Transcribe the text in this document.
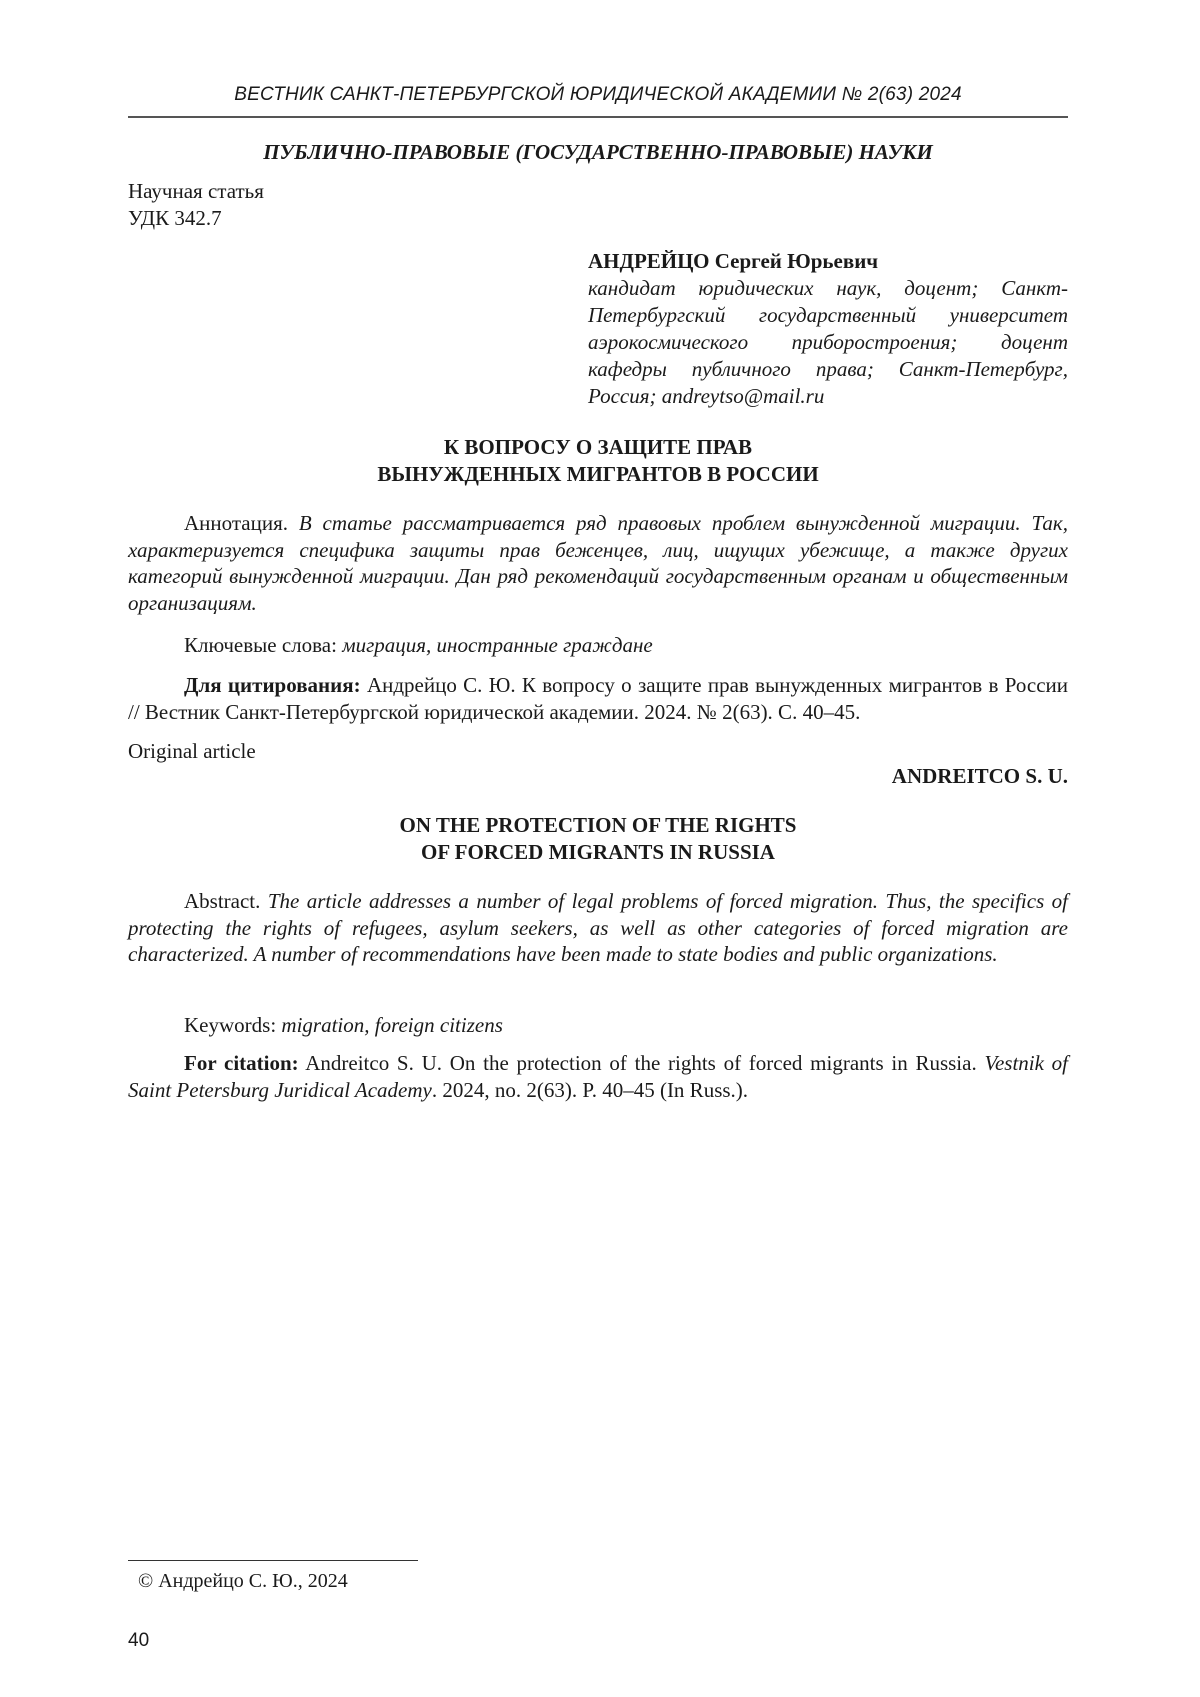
ВЕСТНИК САНКТ-ПЕТЕРБУРГСКОЙ ЮРИДИЧЕСКОЙ АКАДЕМИИ № 2(63) 2024
ПУБЛИЧНО-ПРАВОВЫЕ (ГОСУДАРСТВЕННО-ПРАВОВЫЕ) НАУКИ
Научная статья
УДК 342.7
АНДРЕЙЦО Сергей Юрьевич
кандидат юридических наук, доцент; Санкт-Петербургский государственный университет аэрокосмического приборостроения; доцент кафедры публичного права; Санкт-Петербург, Россия; andreytso@mail.ru
К ВОПРОСУ О ЗАЩИТЕ ПРАВ
ВЫНУЖДЕННЫХ МИГРАНТОВ В РОССИИ
Аннотация. В статье рассматривается ряд правовых проблем вынужденной миграции. Так, характеризуется специфика защиты прав беженцев, лиц, ищущих убежище, а также других категорий вынужденной миграции. Дан ряд рекомендаций государственным органам и общественным организациям.
Ключевые слова: миграция, иностранные граждане
Для цитирования: Андрейцо С. Ю. К вопросу о защите прав вынужденных мигрантов в России // Вестник Санкт-Петербургской юридической академии. 2024. № 2(63). С. 40–45.
Original article
ANDREITCO S. U.
ON THE PROTECTION OF THE RIGHTS
OF FORCED MIGRANTS IN RUSSIA
Abstract. The article addresses a number of legal problems of forced migration. Thus, the specifics of protecting the rights of refugees, asylum seekers, as well as other categories of forced migration are characterized. A number of recommendations have been made to state bodies and public organizations.
Keywords: migration, foreign citizens
For citation: Andreitco S. U. On the protection of the rights of forced migrants in Russia. Vestnik of Saint Petersburg Juridical Academy. 2024, no. 2(63). P. 40–45 (In Russ.).
© Андрейцо С. Ю., 2024
40
